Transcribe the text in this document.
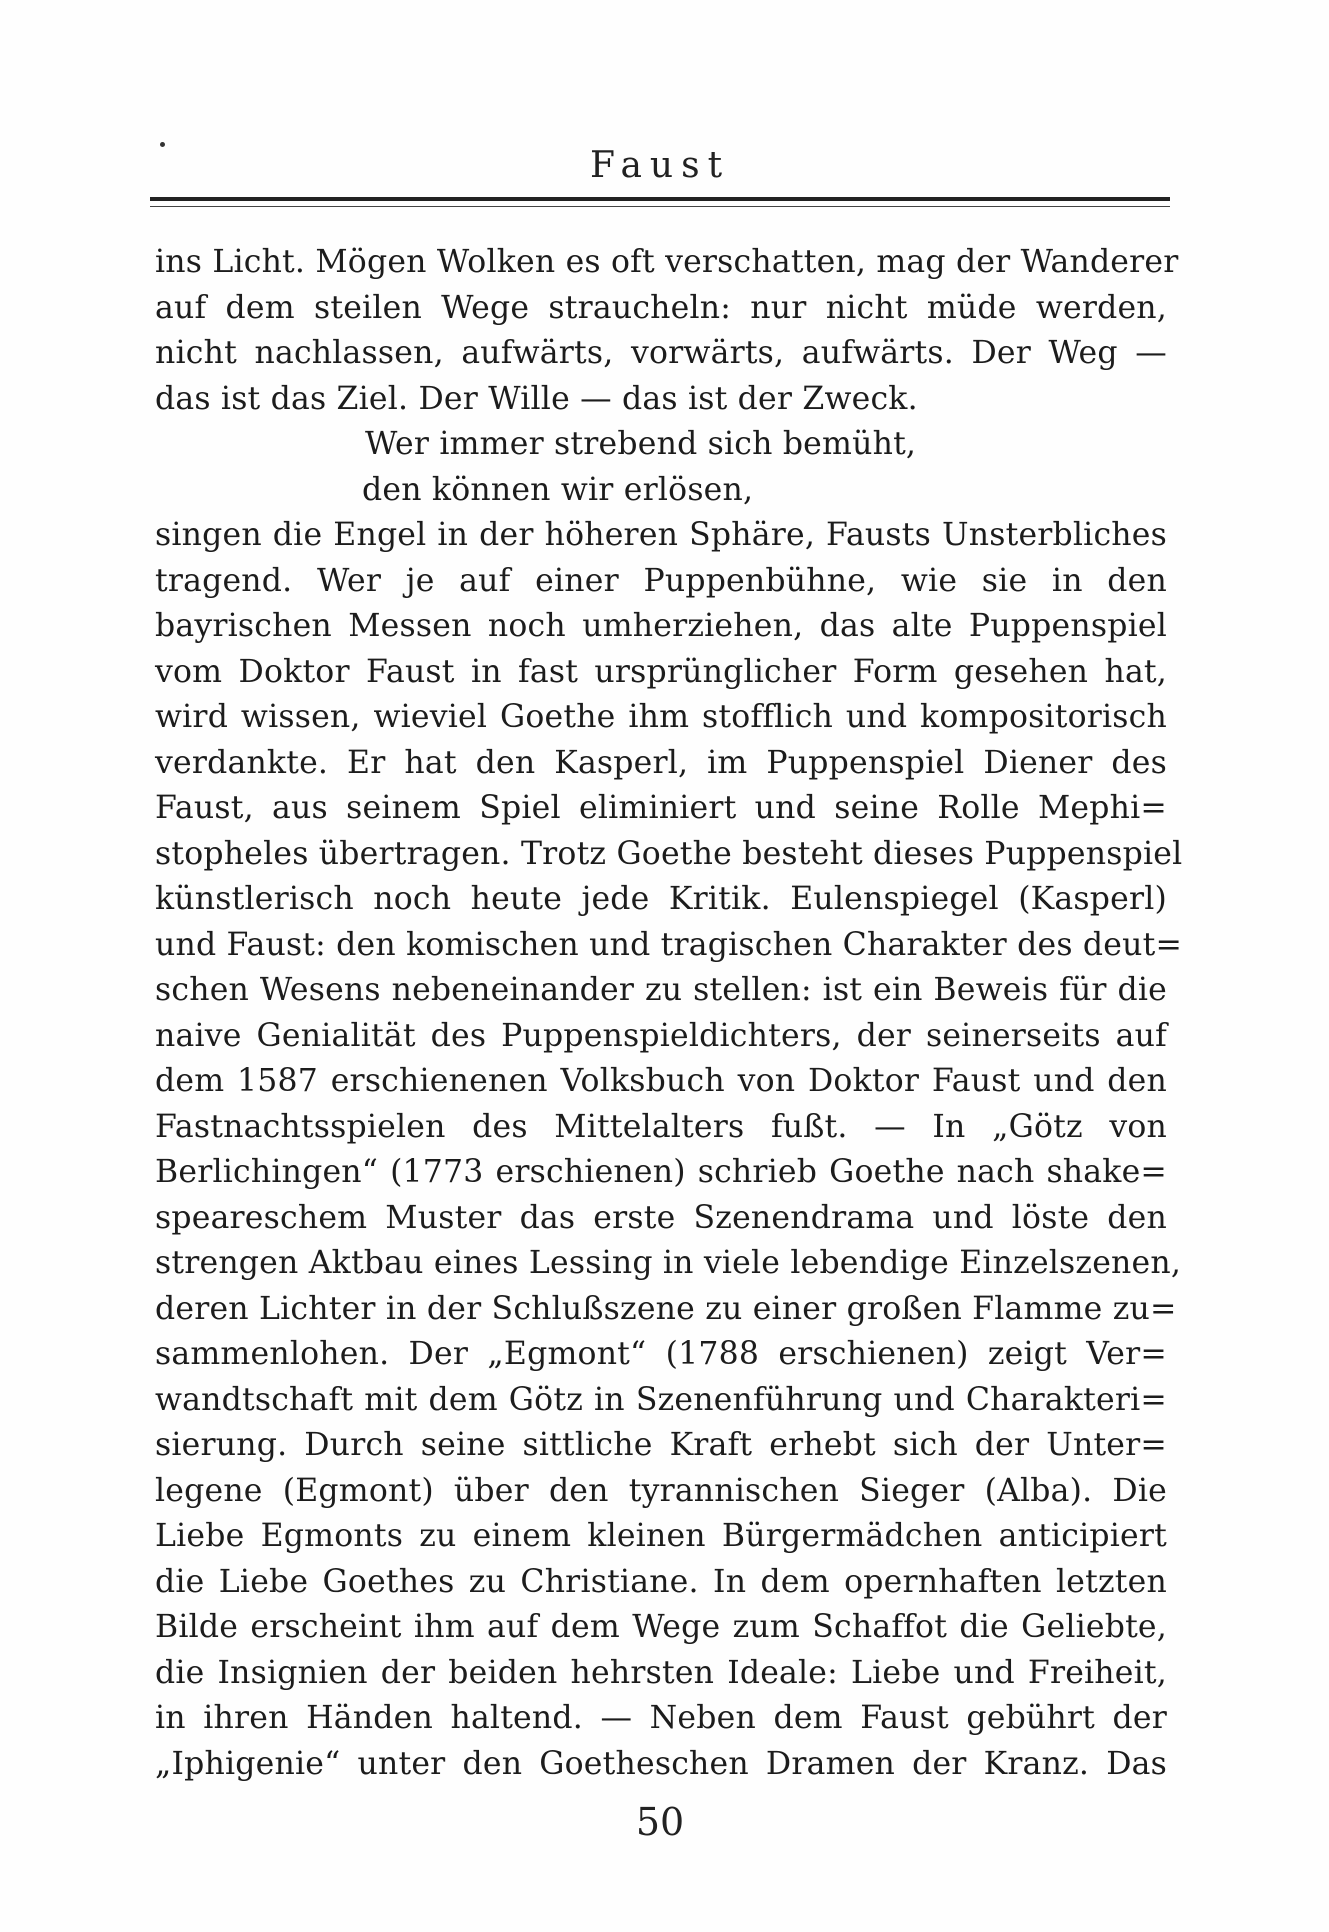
Faust
ins Licht. Mögen Wolken es oft verschatten, mag der Wanderer
auf dem steilen Wege straucheln: nur nicht müde werden,
nicht nachlassen, aufwärts, vorwärts, aufwärts. Der Weg —
das ist das Ziel. Der Wille — das ist der Zweck.
Wer immer strebend sich bemüht,
den können wir erlösen,
singen die Engel in der höheren Sphäre, Fausts Unsterbliches
tragend. Wer je auf einer Puppenbühne, wie sie in den
bayrischen Messen noch umherziehen, das alte Puppenspiel
vom Doktor Faust in fast ursprünglicher Form gesehen hat,
wird wissen, wieviel Goethe ihm stofflich und kompositorisch
verdankte. Er hat den Kasperl, im Puppenspiel Diener des
Faust, aus seinem Spiel eliminiert und seine Rolle Mephi=
stopheles übertragen. Trotz Goethe besteht dieses Puppenspiel
künstlerisch noch heute jede Kritik. Eulenspiegel (Kasperl)
und Faust: den komischen und tragischen Charakter des deut=
schen Wesens nebeneinander zu stellen: ist ein Beweis für die
naive Genialität des Puppenspieldichters, der seinerseits auf
dem 1587 erschienenen Volksbuch von Doktor Faust und den
Fastnachtsspielen des Mittelalters fußt. — In „Götz von
Berlichingen“ (1773 erschienen) schrieb Goethe nach shake=
speareschem Muster das erste Szenendrama und löste den
strengen Aktbau eines Lessing in viele lebendige Einzelszenen,
deren Lichter in der Schlußszene zu einer großen Flamme zu=
sammenlohen. Der „Egmont“ (1788 erschienen) zeigt Ver=
wandtschaft mit dem Götz in Szenenführung und Charakteri=
sierung. Durch seine sittliche Kraft erhebt sich der Unter=
legene (Egmont) über den tyrannischen Sieger (Alba). Die
Liebe Egmonts zu einem kleinen Bürgermädchen anticipiert
die Liebe Goethes zu Christiane. In dem opernhaften letzten
Bilde erscheint ihm auf dem Wege zum Schaffot die Geliebte,
die Insignien der beiden hehrsten Ideale: Liebe und Freiheit,
in ihren Händen haltend. — Neben dem Faust gebührt der
„Iphigenie“ unter den Goetheschen Dramen der Kranz. Das
50
